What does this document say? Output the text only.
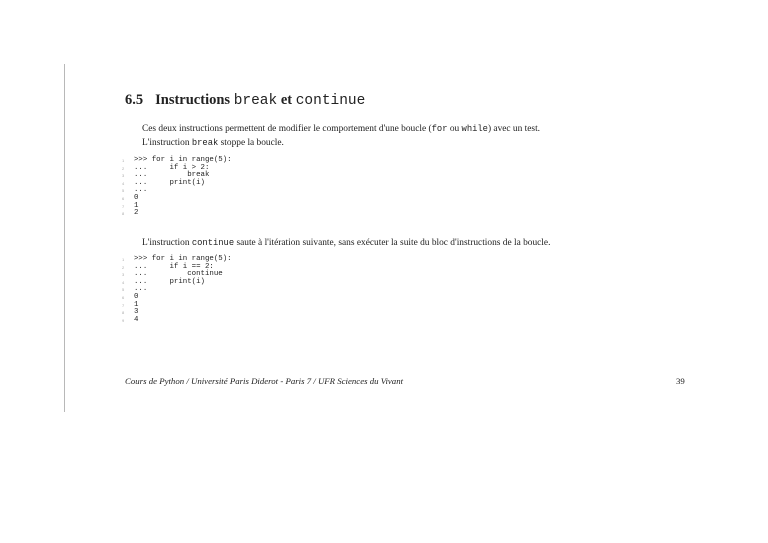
6.5 Instructions break et continue

Ces deux instructions permettent de modifier le comportement d'une boucle (for ou while) avec un test.
L'instruction break stoppe la boucle.

1 >>> for i in range(5):
2 ...     if i > 2:
3 ...         break
4 ...     print(i)
5 ...
6 0
7 1
8 2

L'instruction continue saute à l'itération suivante, sans exécuter la suite du bloc d'instructions de la boucle.

1 >>> for i in range(5):
2 ...     if i == 2:
3 ...         continue
4 ...     print(i)
5 ...
6 0
7 1
8 3
9 4

Cours de Python / Université Paris Diderot - Paris 7 / UFR Sciences du Vivant	39
